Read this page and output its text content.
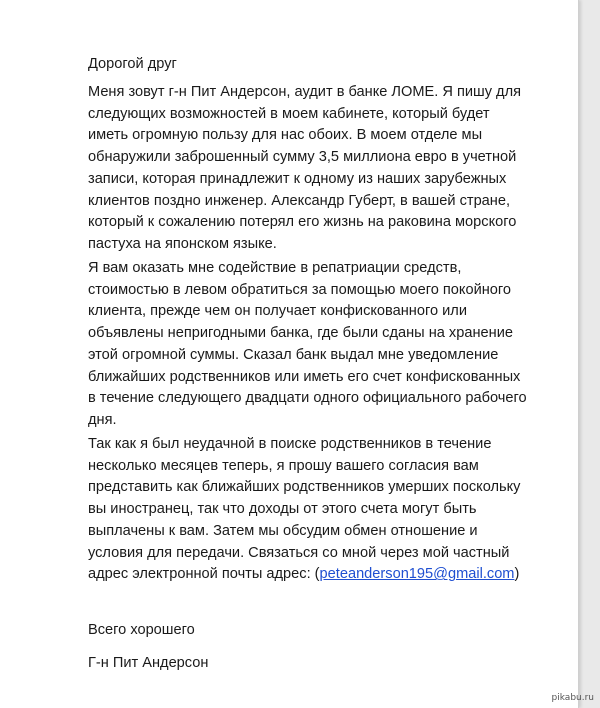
Дорогой друг

Меня зовут г-н Пит Андерсон, аудит в банке ЛОМЕ. Я пишу для следующих возможностей в моем кабинете, который будет иметь огромную пользу для нас обоих. В моем отделе мы обнаружили заброшенный сумму 3,5 миллиона евро в учетной записи, которая принадлежит к одному из наших зарубежных клиентов поздно инженер. Александр Губерт, в вашей стране, который к сожалению потерял его жизнь на раковина морского пастуха на японском языке.

Я вам оказать мне содействие в репатриации средств, стоимостью в левом обратиться за помощью моего покойного клиента, прежде чем он получает конфискованного или объявлены непригодными банка, где были сданы на хранение этой огромной суммы. Сказал банк выдал мне уведомление ближайших родственников или иметь его счет конфискованных в течение следующего двадцати одного официального рабочего дня.

Так как я был неудачной в поиске родственников в течение несколько месяцев теперь, я прошу вашего согласия вам представить как ближайших родственников умерших поскольку вы иностранец, так что доходы от этого счета могут быть выплачены к вам. Затем мы обсудим обмен отношение и условия для передачи. Связаться со мной через мой частный адрес электронной почты адрес: (peteanderson195@gmail.com)

Всего хорошего

Г-н Пит Андерсон

pikabu.ru
